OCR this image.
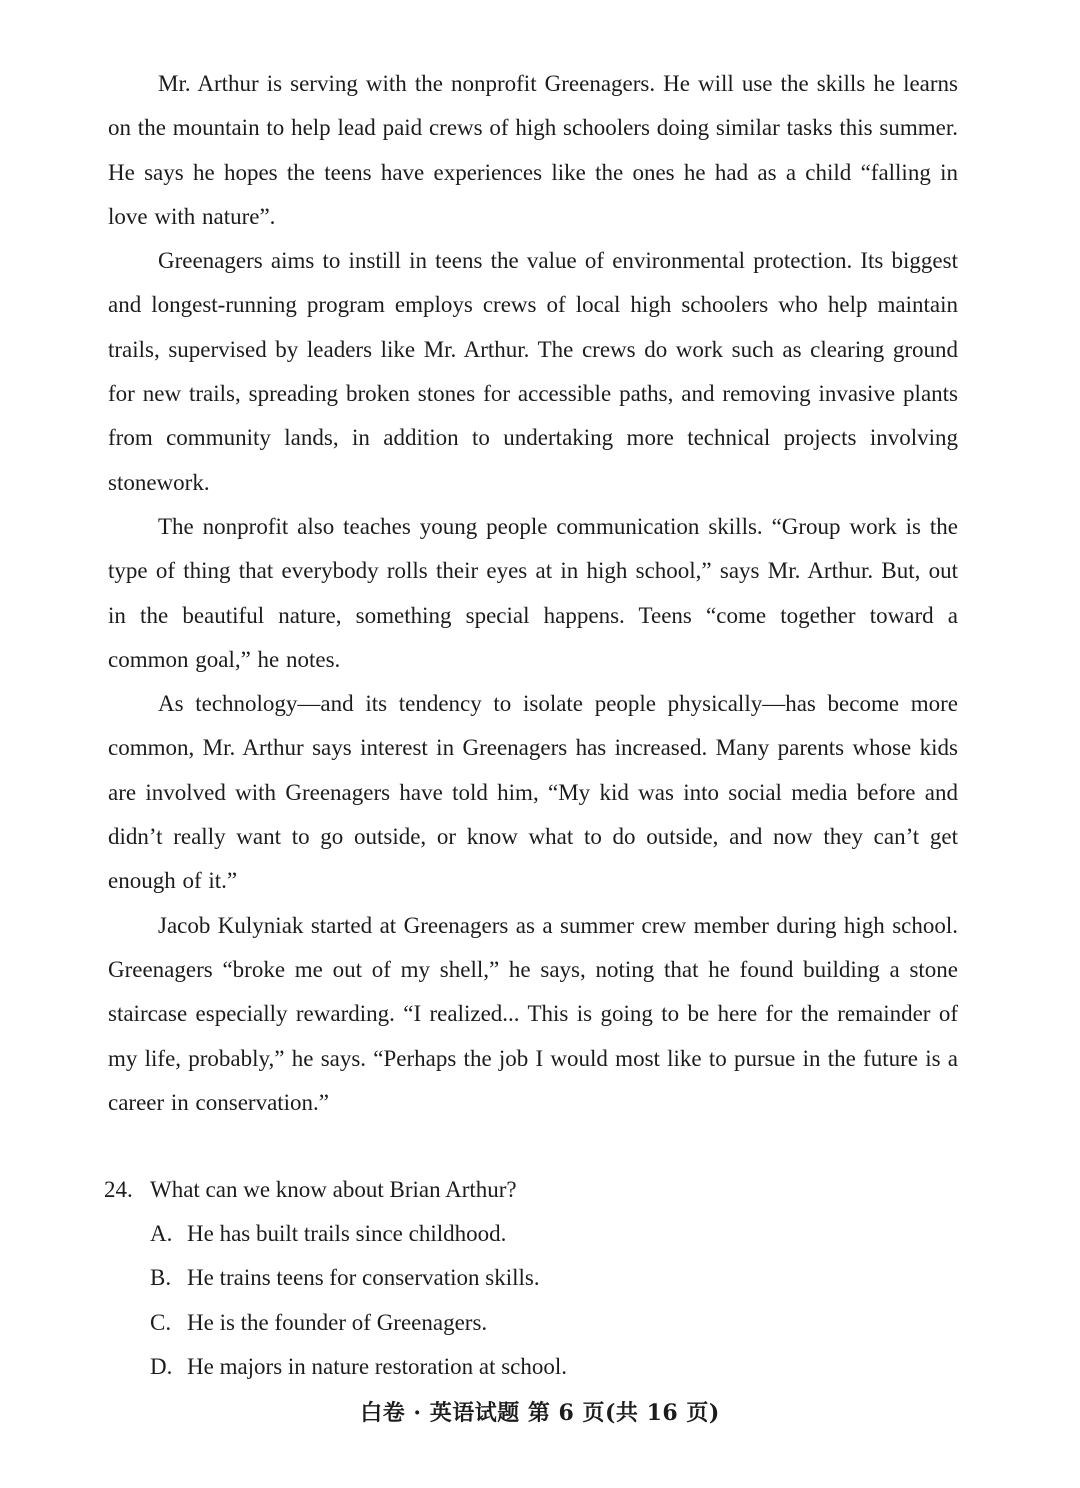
Mr. Arthur is serving with the nonprofit Greenagers. He will use the skills he learns on the mountain to help lead paid crews of high schoolers doing similar tasks this summer. He says he hopes the teens have experiences like the ones he had as a child “falling in love with nature”.

Greenagers aims to instill in teens the value of environmental protection. Its biggest and longest-running program employs crews of local high schoolers who help maintain trails, supervised by leaders like Mr. Arthur. The crews do work such as clearing ground for new trails, spreading broken stones for accessible paths, and removing invasive plants from community lands, in addition to undertaking more technical projects involving stonework.

The nonprofit also teaches young people communication skills. “Group work is the type of thing that everybody rolls their eyes at in high school,” says Mr. Arthur. But, out in the beautiful nature, something special happens. Teens “come together toward a common goal,” he notes.

As technology—and its tendency to isolate people physically—has become more common, Mr. Arthur says interest in Greenagers has increased. Many parents whose kids are involved with Greenagers have told him, “My kid was into social media before and didn’t really want to go outside, or know what to do outside, and now they can’t get enough of it.”

Jacob Kulyniak started at Greenagers as a summer crew member during high school. Greenagers “broke me out of my shell,” he says, noting that he found building a stone staircase especially rewarding. “I realized... This is going to be here for the remainder of my life, probably,” he says. “Perhaps the job I would most like to pursue in the future is a career in conservation.”

24. What can we know about Brian Arthur?

A. He has built trails since childhood.
B. He trains teens for conservation skills.
C. He is the founder of Greenagers.
D. He majors in nature restoration at school.
白卷 · 英语试题 第 6 页(共 16 页)
